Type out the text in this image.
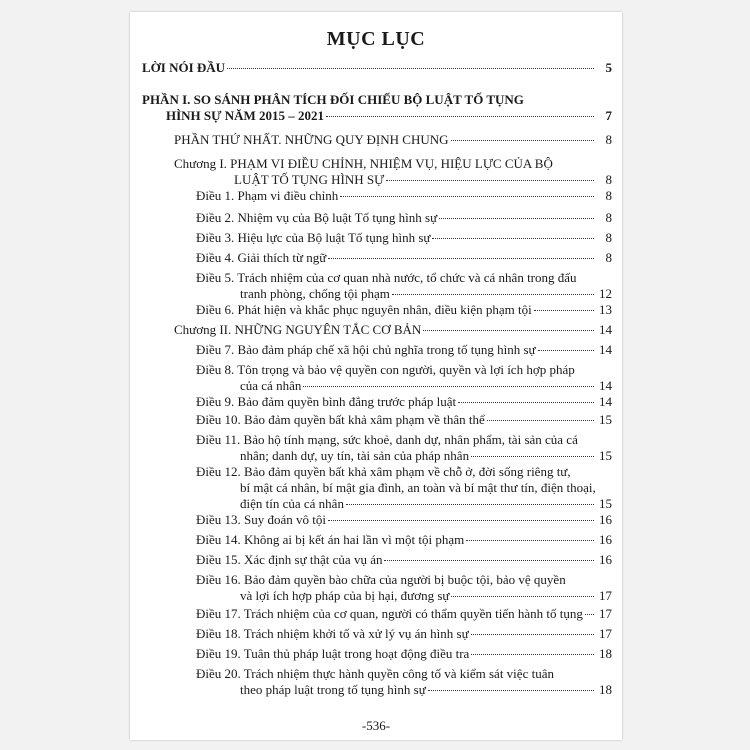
MỤC LỤC
LỜI NÓI ĐẦU	5
PHẦN I. SO SÁNH PHÂN TÍCH ĐỐI CHIẾU BỘ LUẬT TỐ TỤNG
HÌNH SỰ NĂM 2015 – 2021	7
PHẦN THỨ NHẤT. NHỮNG QUY ĐỊNH CHUNG	8
Chương I. PHẠM VI ĐIỀU CHỈNH, NHIỆM VỤ, HIỆU LỰC CỦA BỘ
LUẬT TỐ TỤNG HÌNH SỰ	8
Điều 1. Phạm vi điều chỉnh	8
Điều 2. Nhiệm vụ của Bộ luật Tố tụng hình sự	8
Điều 3. Hiệu lực của Bộ luật Tố tụng hình sự	8
Điều 4. Giải thích từ ngữ	8
Điều 5. Trách nhiệm của cơ quan nhà nước, tổ chức và cá nhân trong đấu
tranh phòng, chống tội phạm	12
Điều 6. Phát hiện và khắc phục nguyên nhân, điều kiện phạm tội	13
Chương II. NHỮNG NGUYÊN TẮC CƠ BẢN	14
Điều 7. Bảo đảm pháp chế xã hội chủ nghĩa trong tố tụng hình sự	14
Điều 8. Tôn trọng và bảo vệ quyền con người, quyền và lợi ích hợp pháp
của cá nhân	14
Điều 9. Bảo đảm quyền bình đẳng trước pháp luật	14
Điều 10. Bảo đảm quyền bất khả xâm phạm về thân thể	15
Điều 11. Bảo hộ tính mạng, sức khoẻ, danh dự, nhân phẩm, tài sản của cá
nhân; danh dự, uy tín, tài sản của pháp nhân	15
Điều 12. Bảo đảm quyền bất khả xâm phạm về chỗ ở, đời sống riêng tư,
bí mật cá nhân, bí mật gia đình, an toàn và bí mật thư tín, điện thoại,
điện tín của cá nhân	15
Điều 13. Suy đoán vô tội	16
Điều 14. Không ai bị kết án hai lần vì một tội phạm	16
Điều 15. Xác định sự thật của vụ án	16
Điều 16. Bảo đảm quyền bào chữa của người bị buộc tội, bảo vệ quyền
và lợi ích hợp pháp của bị hại, đương sự	17
Điều 17. Trách nhiệm của cơ quan, người có thẩm quyền tiến hành tố tụng 17
Điều 18. Trách nhiệm khởi tố và xử lý vụ án hình sự	17
Điều 19. Tuân thủ pháp luật trong hoạt động điều tra	18
Điều 20. Trách nhiệm thực hành quyền công tố và kiểm sát việc tuân
theo pháp luật trong tố tụng hình sự	18
-536-
